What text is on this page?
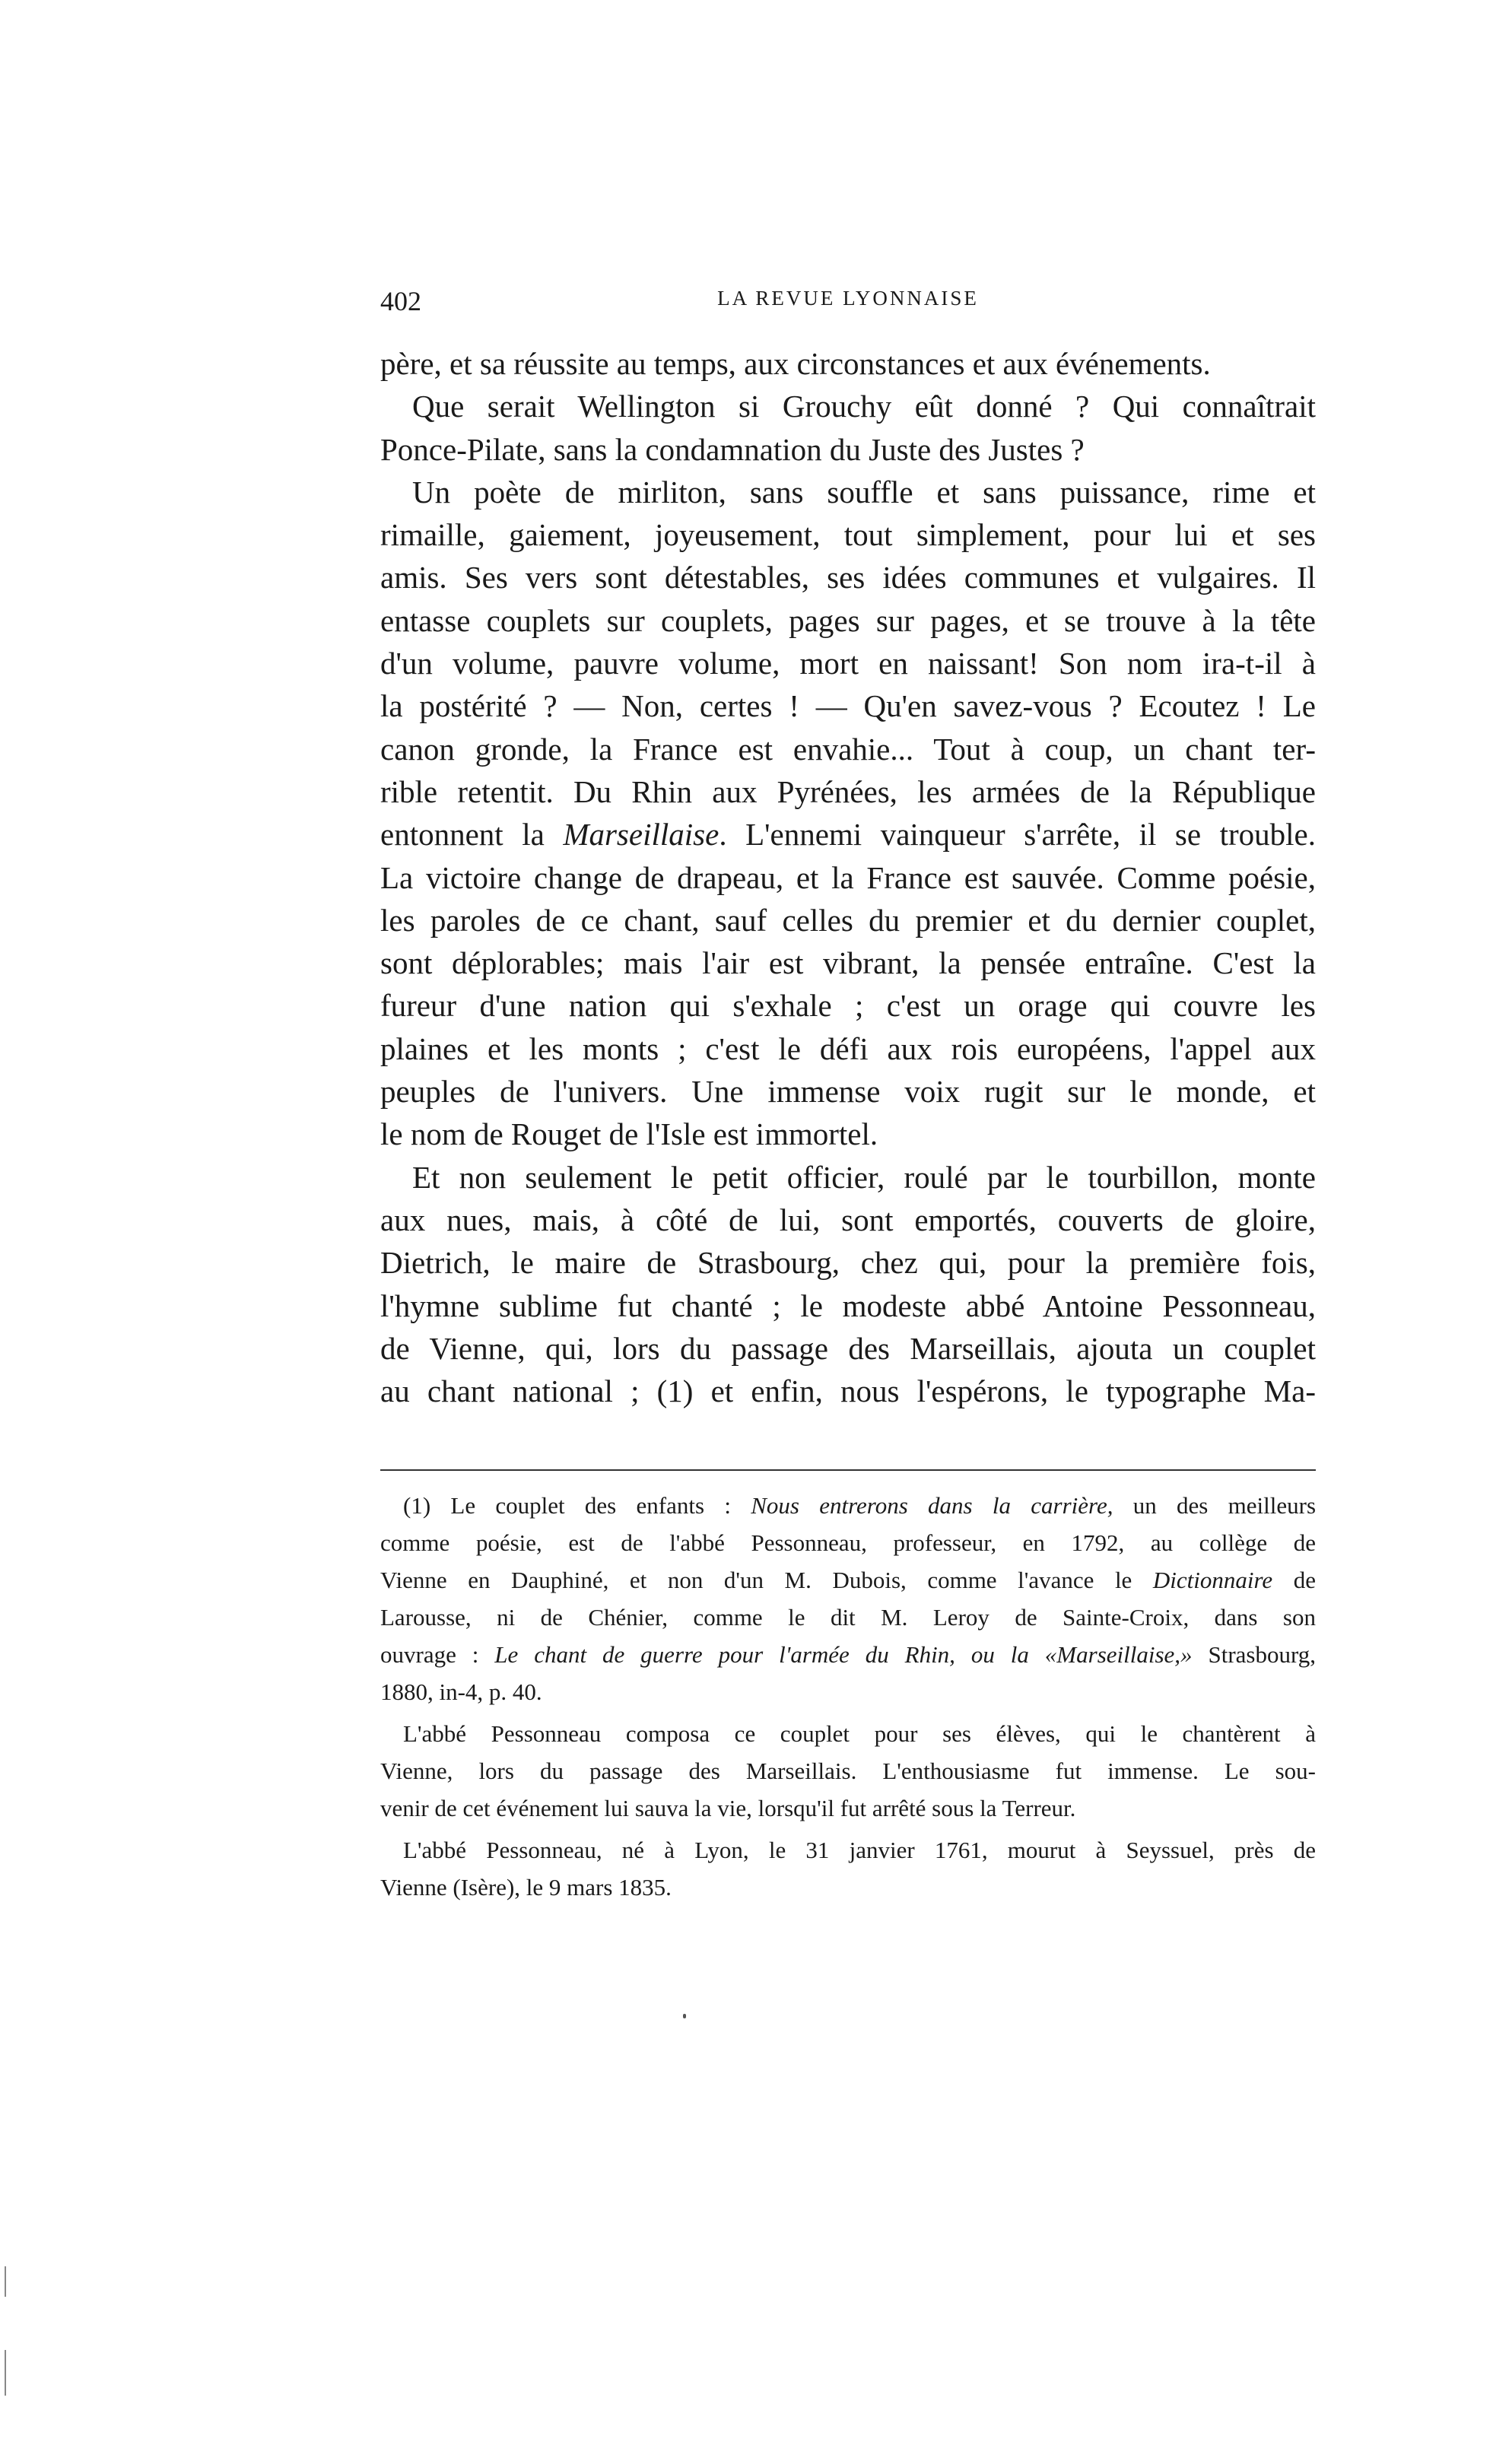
402	LA REVUE LYONNAISE
père, et sa réussite au temps, aux circonstances et aux événements.
Que serait Wellington si Grouchy eût donné ? Qui connaîtrait
Ponce-Pilate, sans la condamnation du Juste des Justes ?
Un poète de mirliton, sans souffle et sans puissance, rime et
rimaille, gaiement, joyeusement, tout simplement, pour lui et ses
amis. Ses vers sont détestables, ses idées communes et vulgaires. Il
entasse couplets sur couplets, pages sur pages, et se trouve à la tête
d'un volume, pauvre volume, mort en naissant! Son nom ira-t-il à
la postérité ? — Non, certes ! — Qu'en savez-vous ? Ecoutez ! Le
canon gronde, la France est envahie... Tout à coup, un chant ter-
rible retentit. Du Rhin aux Pyrénées, les armées de la République
entonnent la Marseillaise. L'ennemi vainqueur s'arrête, il se trouble.
La victoire change de drapeau, et la France est sauvée. Comme poésie,
les paroles de ce chant, sauf celles du premier et du dernier couplet,
sont déplorables; mais l'air est vibrant, la pensée entraîne. C'est la
fureur d'une nation qui s'exhale ; c'est un orage qui couvre les
plaines et les monts ; c'est le défi aux rois européens, l'appel aux
peuples de l'univers. Une immense voix rugit sur le monde, et
le nom de Rouget de l'Isle est immortel.
Et non seulement le petit officier, roulé par le tourbillon, monte
aux nues, mais, à côté de lui, sont emportés, couverts de gloire,
Dietrich, le maire de Strasbourg, chez qui, pour la première fois,
l'hymne sublime fut chanté ; le modeste abbé Antoine Pessonneau,
de Vienne, qui, lors du passage des Marseillais, ajouta un couplet
au chant national ; (1) et enfin, nous l'espérons, le typographe Ma-
(1) Le couplet des enfants : Nous entrerons dans la carrière, un des meilleurs
comme poésie, est de l'abbé Pessonneau, professeur, en 1792, au collège de
Vienne en Dauphiné, et non d'un M. Dubois, comme l'avance le Dictionnaire de
Larousse, ni de Chénier, comme le dit M. Leroy de Sainte-Croix, dans son
ouvrage : Le chant de guerre pour l'armée du Rhin, ou la «Marseillaise,» Strasbourg,
1880, in-4, p. 40.
L'abbé Pessonneau composa ce couplet pour ses élèves, qui le chantèrent à
Vienne, lors du passage des Marseillais. L'enthousiasme fut immense. Le sou-
venir de cet événement lui sauva la vie, lorsqu'il fut arrêté sous la Terreur.
L'abbé Pessonneau, né à Lyon, le 31 janvier 1761, mourut à Seyssuel, près de
Vienne (Isère), le 9 mars 1835.
